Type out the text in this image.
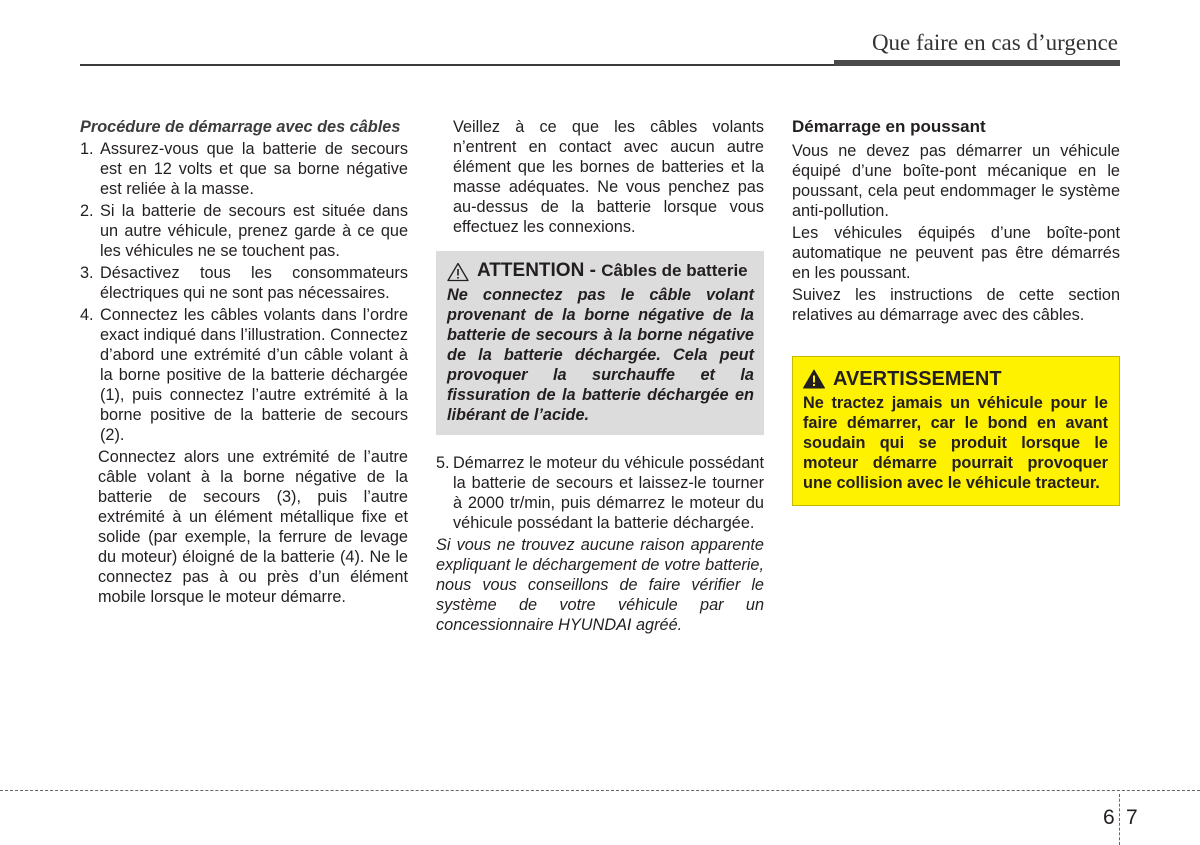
Que faire en cas d’urgence
Procédure de démarrage avec des câbles
1. Assurez-vous que la batterie de secours est en 12 volts et que sa borne négative est reliée à la masse.
2. Si la batterie de secours est située dans un autre véhicule, prenez garde à ce que les véhicules ne se touchent pas.
3. Désactivez tous les consommateurs électriques qui ne sont pas nécessaires.
4. Connectez les câbles volants dans l’ordre exact indiqué dans l’illustration. Connectez d’abord une extrémité d’un câble volant à la borne positive de la batterie déchargée (1), puis connectez l’autre extrémité à la borne positive de la batterie de secours (2).
Connectez alors une extrémité de l’autre câble volant à la borne négative de la batterie de secours (3), puis l’autre extrémité à un élément métallique fixe et solide (par exemple, la ferrure de levage du moteur) éloigné de la batterie (4). Ne le connectez pas à ou près d’un élément mobile lorsque le moteur démarre.
Veillez à ce que les câbles volants n’entrent en contact avec aucun autre élément que les bornes de batteries et la masse adéquates. Ne vous penchez pas au-dessus de la batterie lorsque vous effectuez les connexions.
ATTENTION - Câbles de batterie
Ne connectez pas le câble volant provenant de la borne négative de la batterie de secours à la borne négative de la batterie déchargée. Cela peut provoquer la surchauffe et la fissuration de la batterie déchargée en libérant de l’acide.
5. Démarrez le moteur du véhicule possédant la batterie de secours et laissez-le tourner à 2000 tr/min, puis démarrez le moteur du véhicule possédant la batterie déchargée.
Si vous ne trouvez aucune raison apparente expliquant le déchargement de votre batterie, nous vous conseillons de faire vérifier le système de votre véhicule par un concessionnaire HYUNDAI agréé.
Démarrage en poussant

Vous ne devez pas démarrer un véhicule équipé d’une boîte-pont mécanique en le poussant, cela peut endommager le système anti-pollution.

Les véhicules équipés d’une boîte-pont automatique ne peuvent pas être démarrés en les poussant.

Suivez les instructions de cette section relatives au démarrage avec des câbles.

AVERTISSEMENT
Ne tractez jamais un véhicule pour le faire démarrer, car le bond en avant soudain qui se produit lorsque le moteur démarre pourrait provoquer une collision avec le véhicule tracteur.
6 7
